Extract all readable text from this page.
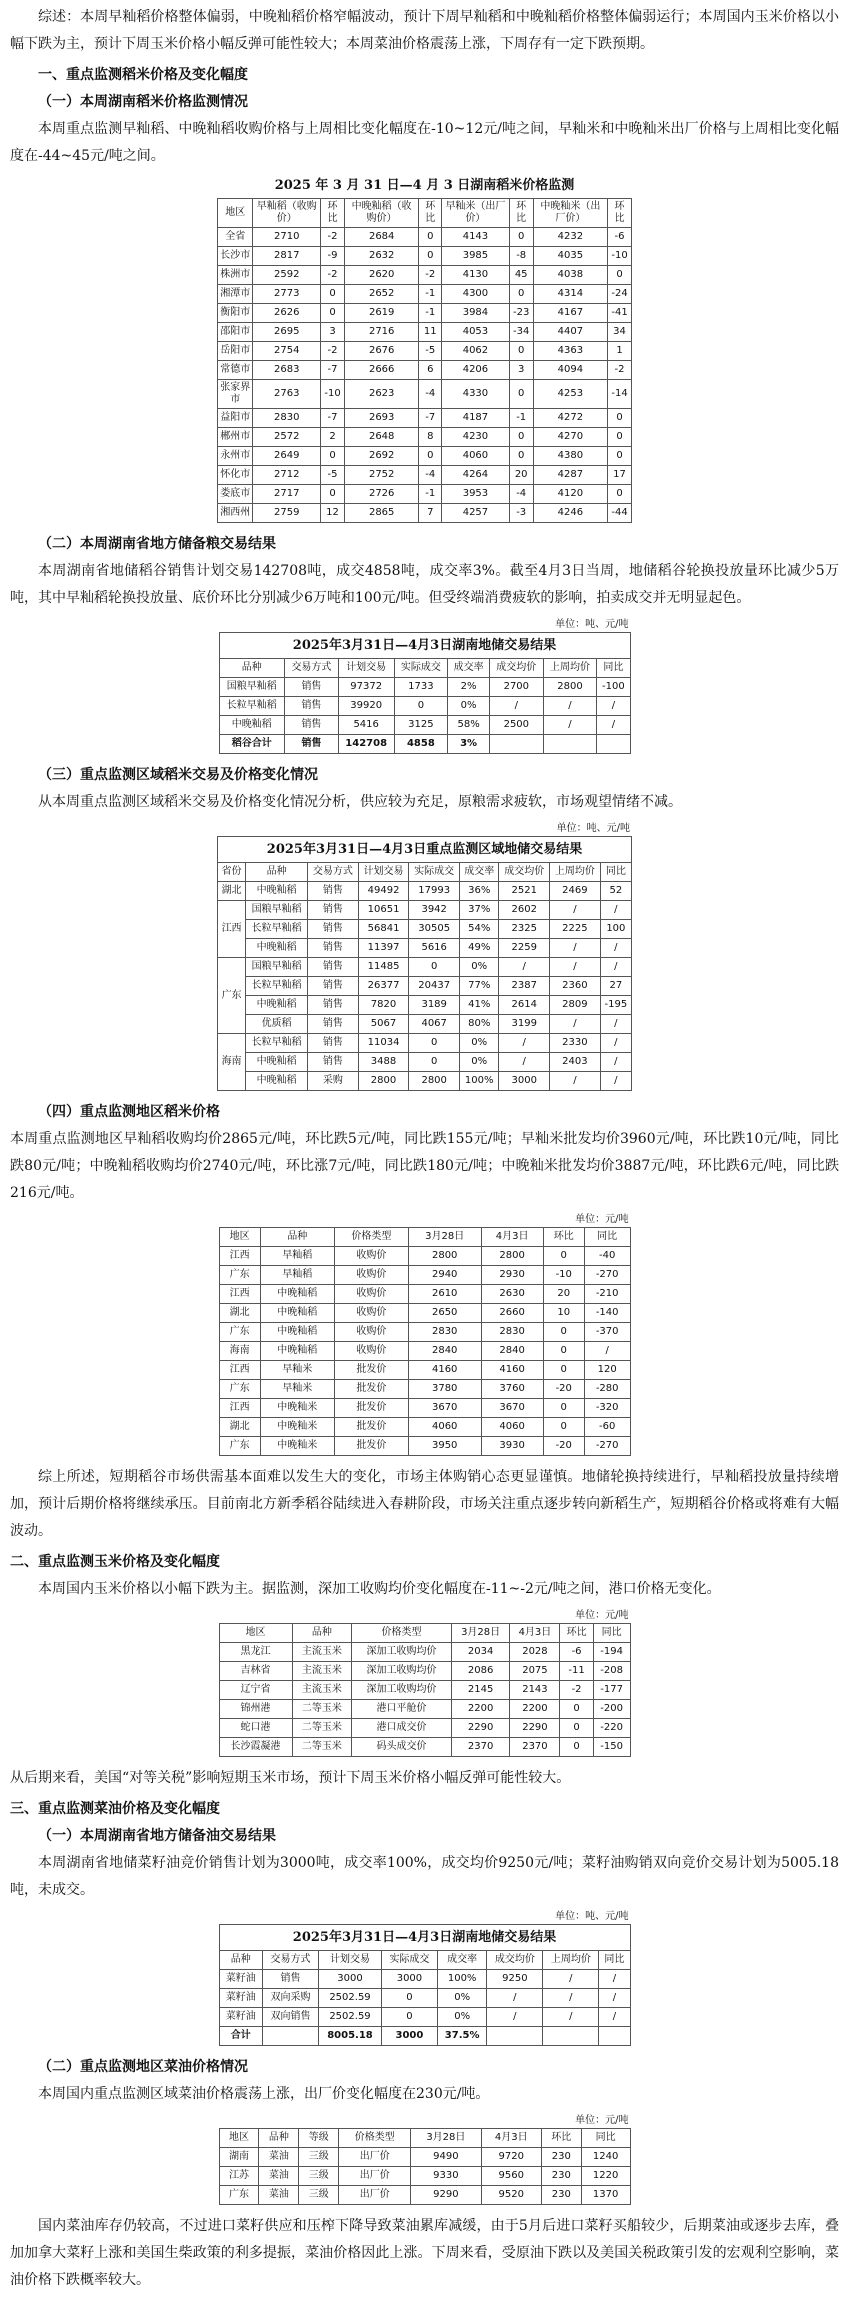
综述：本周早籼稻价格整体偏弱，中晚籼稻价格窄幅波动，预计下周早籼稻和中晚籼稻价格整体偏弱运行；本周国内玉米价格以小幅下跌为主，预计下周玉米价格小幅反弹可能性较大；本周菜油价格震荡上涨，下周存有一定下跌预期。

一、重点监测稻米价格及变化幅度
（一）本周湖南稻米价格监测情况

本周重点监测早籼稻、中晚籼稻收购价格与上周相比变化幅度在-10~12元/吨之间，早籼米和中晚籼米出厂价格与上周相比变化幅度在-44~45元/吨之间。

2025 年 3 月 31 日—4 月 3 日湖南稻米价格监测
地区	早籼稻（收购价）	环比	中晚籼稻（收购价）	环比	早籼米（出厂价）	环比	中晚籼米（出厂价）	环比
全省	2710	-2	2684	0	4143	0	4232	-6
长沙市	2817	-9	2632	0	3985	-8	4035	-10
株洲市	2592	-2	2620	-2	4130	45	4038	0
湘潭市	2773	0	2652	-1	4300	0	4314	-24
衡阳市	2626	0	2619	-1	3984	-23	4167	-41
邵阳市	2695	3	2716	11	4053	-34	4407	34
岳阳市	2754	-2	2676	-5	4062	0	4363	1
常德市	2683	-7	2666	6	4206	3	4094	-2
张家界市	2763	-10	2623	-4	4330	0	4253	-14
益阳市	2830	-7	2693	-7	4187	-1	4272	0
郴州市	2572	2	2648	8	4230	0	4270	0
永州市	2649	0	2692	0	4060	0	4380	0
怀化市	2712	-5	2752	-4	4264	20	4287	17
娄底市	2717	0	2726	-1	3953	-4	4120	0
湘西州	2759	12	2865	7	4257	-3	4246	-44
（二）本周湖南省地方储备粮交易结果

本周湖南省地储稻谷销售计划交易142708吨，成交4858吨，成交率3%。截至4月3日当周，地储稻谷轮换投放量环比减少5万吨，其中早籼稻轮换投放量、底价环比分别减少6万吨和100元/吨。但受终端消费疲软的影响，拍卖成交并无明显起色。

单位：吨、元/吨
2025年3月31日—4月3日湖南地储交易结果							
品种	交易方式	计划交易	实际成交	成交率	成交均价	上周均价	同比
国粮早籼稻	销售	97372	1733	2%	2700	2800	-100
长粒早籼稻	销售	39920	0	0%	/	/	/
中晚籼稻	销售	5416	3125	58%	2500	/	/
稻谷合计	销售	142708	4858	3%			
（三）重点监测区域稻米交易及价格变化情况

从本周重点监测区域稻米交易及价格变化情况分析，供应较为充足，原粮需求疲软，市场观望情绪不减。

单位：吨、元/吨
2025年3月31日—4月3日重点监测区域地储交易结果								
省份	品种	交易方式	计划交易	实际成交	成交率	成交均价	上周均价	同比
湖北	中晚籼稻	销售	49492	17993	36%	2521	2469	52
江西	国粮早籼稻	销售	10651	3942	37%	2602	/	/
	长粒早籼稻	销售	56841	30505	54%	2325	2225	100
	中晚籼稻	销售	11397	5616	49%	2259	/	/
广东	国粮早籼稻	销售	11485	0	0%	/	/	/
	长粒早籼稻	销售	26377	20437	77%	2387	2360	27
	中晚籼稻	销售	7820	3189	41%	2614	2809	-195
	优质稻	销售	5067	4067	80%	3199	/	/
海南	长粒早籼稻	销售	11034	0	0%	/	2330	/
	中晚籼稻	销售	3488	0	0%	/	2403	/
	中晚籼稻	采购	2800	2800	100%	3000	/	/
（四）重点监测地区稻米价格

本周重点监测地区早籼稻收购均价2865元/吨，环比跌5元/吨，同比跌155元/吨；早籼米批发均价3960元/吨，环比跌10元/吨，同比跌80元/吨；中晚籼稻收购均价2740元/吨，环比涨7元/吨，同比跌180元/吨；中晚籼米批发均价3887元/吨，环比跌6元/吨，同比跌216元/吨。

单位：元/吨
地区	品种	价格类型	3月28日	4月3日	环比	同比
江西	早籼稻	收购价	2800	2800	0	-40
广东	早籼稻	收购价	2940	2930	-10	-270
江西	中晚籼稻	收购价	2610	2630	20	-210
湖北	中晚籼稻	收购价	2650	2660	10	-140
广东	中晚籼稻	收购价	2830	2830	0	-370
海南	中晚籼稻	收购价	2840	2840	0	/
江西	早籼米	批发价	4160	4160	0	120
广东	早籼米	批发价	3780	3760	-20	-280
江西	中晚籼米	批发价	3670	3670	0	-320
湖北	中晚籼米	批发价	4060	4060	0	-60
广东	中晚籼米	批发价	3950	3930	-20	-270

综上所述，短期稻谷市场供需基本面难以发生大的变化，市场主体购销心态更显谨慎。地储轮换持续进行，早籼稻投放量持续增加，预计后期价格将继续承压。目前南北方新季稻谷陆续进入春耕阶段，市场关注重点逐步转向新稻生产，短期稻谷价格或将难有大幅波动。

二、重点监测玉米价格及变化幅度

本周国内玉米价格以小幅下跌为主。据监测，深加工收购均价变化幅度在-11~-2元/吨之间，港口价格无变化。

单位：元/吨
地区	品种	价格类型	3月28日	4月3日	环比	同比
黑龙江	主流玉米	深加工收购均价	2034	2028	-6	-194
吉林省	主流玉米	深加工收购均价	2086	2075	-11	-208
辽宁省	主流玉米	深加工收购均价	2145	2143	-2	-177
锦州港	二等玉米	港口平舱价	2200	2200	0	-200
蛇口港	二等玉米	港口成交价	2290	2290	0	-220
长沙霞凝港	二等玉米	码头成交价	2370	2370	0	-150

从后期来看，美国“对等关税”影响短期玉米市场，预计下周玉米价格小幅反弹可能性较大。

三、重点监测菜油价格及变化幅度
（一）本周湖南省地方储备油交易结果

本周湖南省地储菜籽油竞价销售计划为3000吨，成交率100%，成交均价9250元/吨；菜籽油购销双向竞价交易计划为5005.18吨，未成交。

单位：吨、元/吨
2025年3月31日—4月3日湖南地储交易结果							
品种	交易方式	计划交易	实际成交	成交率	成交均价	上周均价	同比
菜籽油	销售	3000	3000	100%	9250	/	/
菜籽油	双向采购	2502.59	0	0%	/	/	/
菜籽油	双向销售	2502.59	0	0%	/	/	/
合计		8005.18	3000	37.5%			
（二）重点监测地区菜油价格情况

本周国内重点监测区域菜油价格震荡上涨，出厂价变化幅度在230元/吨。

单位：元/吨
地区	品种	等级	价格类型	3月28日	4月3日	环比	同比
湖南	菜油	三级	出厂价	9490	9720	230	1240
江苏	菜油	三级	出厂价	9330	9560	230	1220
广东	菜油	三级	出厂价	9290	9520	230	1370

国内菜油库存仍较高，不过进口菜籽供应和压榨下降导致菜油累库减缓，由于5月后进口菜籽买船较少，后期菜油或逐步去库，叠加加拿大菜籽上涨和美国生柴政策的利多提振，菜油价格因此上涨。下周来看，受原油下跌以及美国关税政策引发的宏观利空影响，菜油价格下跌概率较大。
